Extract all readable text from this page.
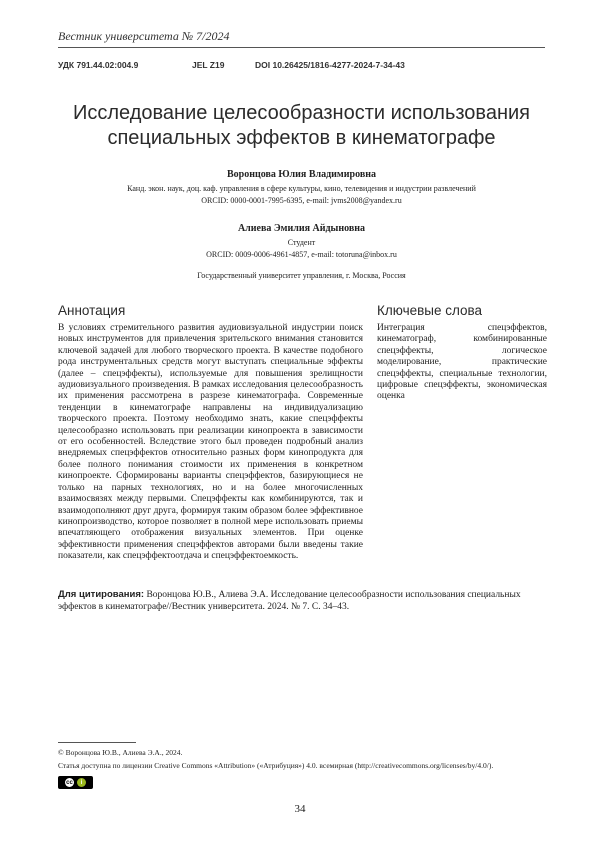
Вестник университета № 7/2024
УДК 791.44.02:004.9	JEL Z19	DOI 10.26425/1816-4277-2024-7-34-43
Исследование целесообразности использования
специальных эффектов в кинематографе
Воронцова Юлия Владимировна
Канд. экон. наук, доц. каф. управления в сфере культуры, кино, телевидения и индустрии развлечений
ORCID: 0000-0001-7995-6395, e-mail: jvms2008@yandex.ru
Алиева Эмилия Айдыновна
Студент
ORCID: 0009-0006-4961-4857, e-mail: totoruna@inbox.ru
Государственный университет управления, г. Москва, Россия
Аннотация
В условиях стремительного развития аудиовизуальной индустрии поиск новых инструментов для привлечения зрительского внимания становится ключевой задачей для любого творческого проекта. В качестве подобного рода инструментальных средств могут выступать специальные эффекты (далее – спецэффекты), используемые для повышения зрелищности аудиовизуального произведения. В рамках исследования целесообразность их применения рассмотрена в разрезе кинематографа. Современные тенденции в кинематографе направлены на индивидуализацию творческого проекта. Поэтому необходимо знать, какие спецэффекты целесообразно использовать при реализации кинопроекта в зависимости от его особенностей. Вследствие этого был проведен подробный анализ внедряемых спецэффектов относительно разных форм кинопродукта для более полного понимания стоимости их применения в конкретном кинопроекте. Сформированы варианты спецэффектов, базирующиеся не только на парных технологиях, но и на более многочисленных взаимосвязях между первыми. Спецэффекты как комбинируются, так и взаимодополняют друг друга, формируя таким образом более эффективное кинопроизводство, которое позволяет в полной мере использовать приемы впечатляющего отображения визуальных элементов. При оценке эффективности применения спецэффектов авторами были введены такие показатели, как спецэффектоотдача и спецэффектоемкость.
Ключевые слова
Интеграция спецэффектов, кинематограф, комбинированные спецэффекты, логическое моделирование, практические спецэффекты, специальные технологии, цифровые спецэффекты, экономическая оценка
Для цитирования: Воронцова Ю.В., Алиева Э.А. Исследование целесообразности использования специальных эффектов в кинематографе//Вестник университета. 2024. № 7. С. 34–43.
© Воронцова Ю.В., Алиева Э.А., 2024.
Статья доступна по лицензии Creative Commons «Attribution» («Атрибуция») 4.0. всемирная (http://creativecommons.org/licenses/by/4.0/).
cc	i
34
